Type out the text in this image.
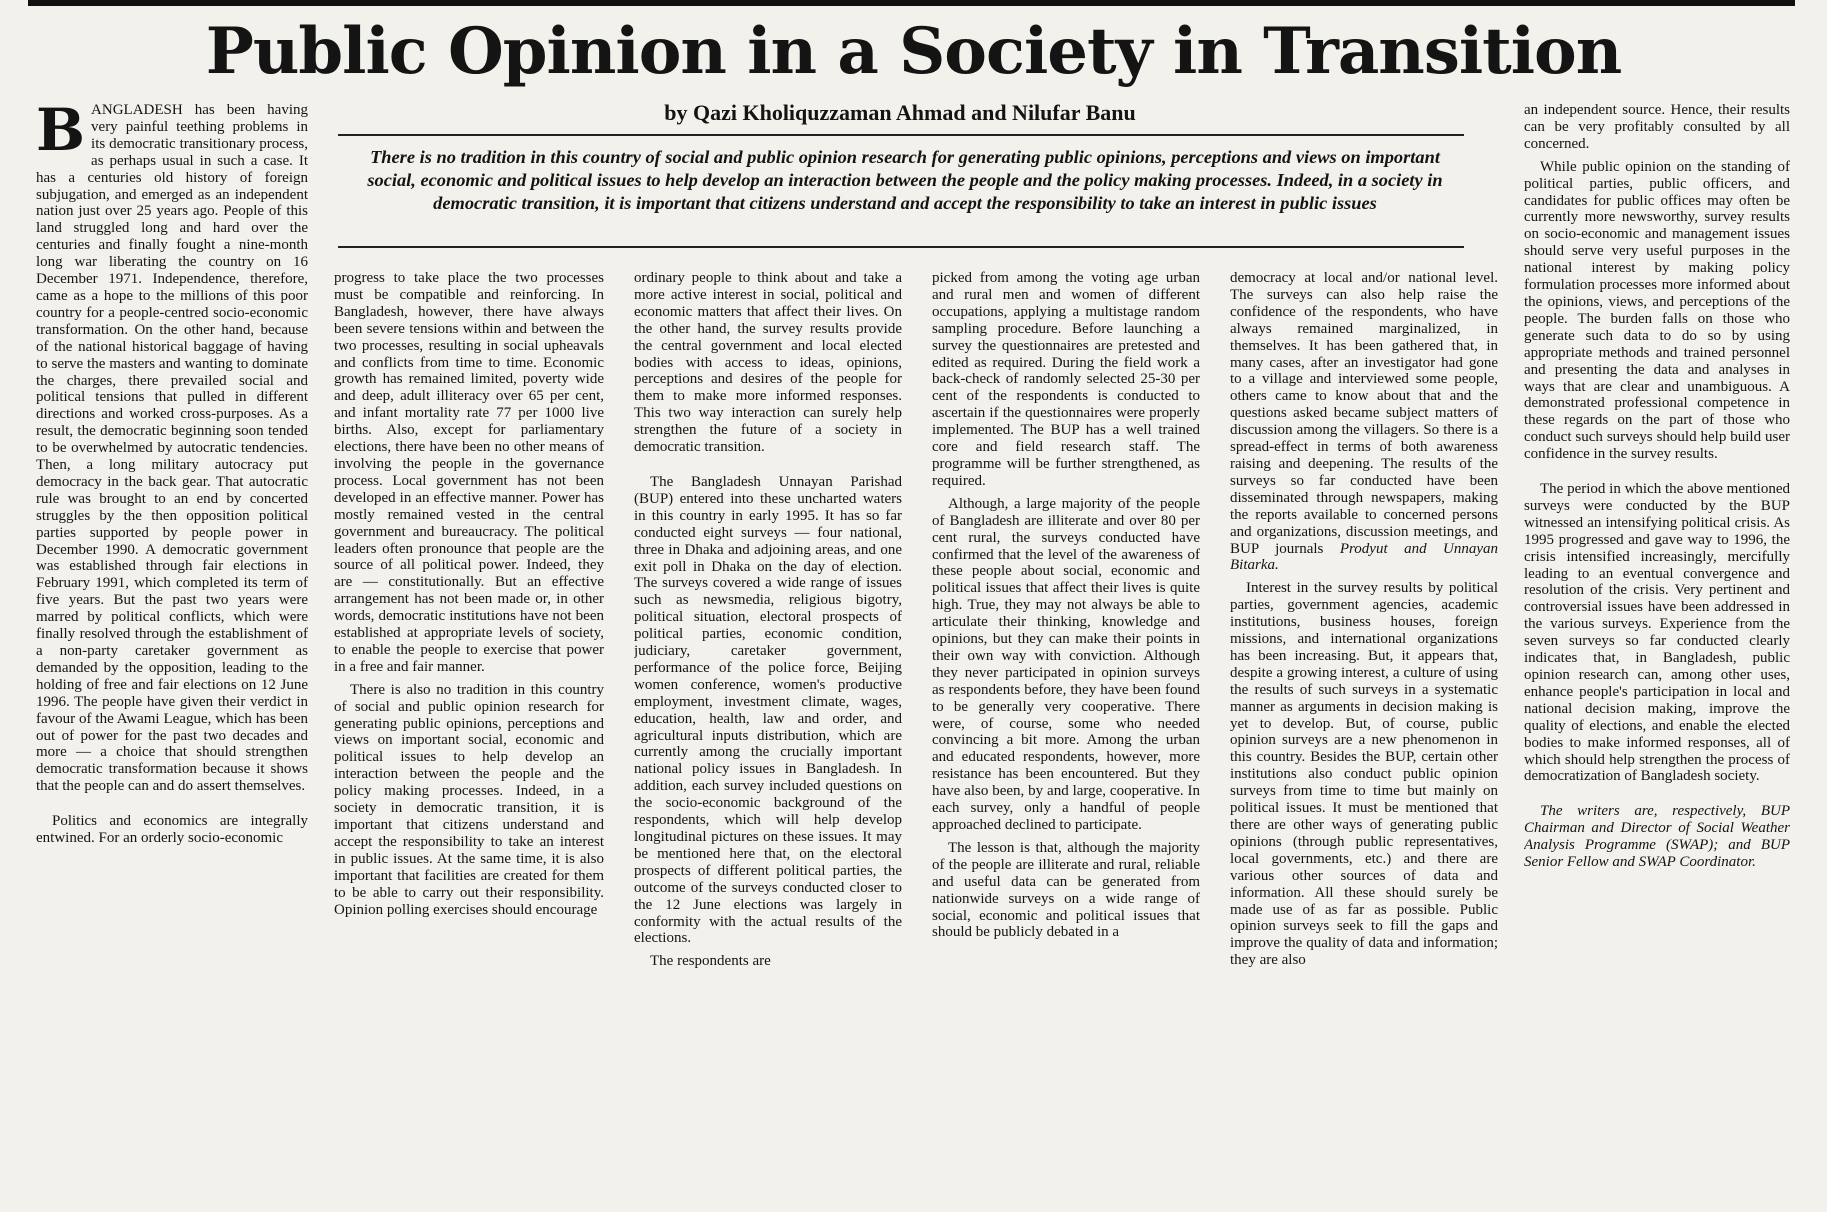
Public Opinion in a Society in Transition
by Qazi Kholiquzzaman Ahmad and Nilufar Banu
There is no tradition in this country of social and public opinion research for generating public opinions, perceptions and views on important social, economic and political issues to help develop an interaction between the people and the policy making processes. Indeed, in a society in democratic transition, it is important that citizens understand and accept the responsibility to take an interest in public issues

BANGLADESH has been having very painful teething problems in its democratic transitionary process, as perhaps usual in such a case. It has a centuries old history of foreign subjugation, and emerged as an independent nation just over 25 years ago. People of this land struggled long and hard over the centuries and finally fought a nine-month long war liberating the country on 16 December 1971. Independence, therefore, came as a hope to the millions of this poor country for a people-centred socio-economic transformation. On the other hand, because of the national historical baggage of having to serve the masters and wanting to dominate the charges, there prevailed social and political tensions that pulled in different directions and worked cross-purposes. As a result, the democratic beginning soon tended to be overwhelmed by autocratic tendencies. Then, a long military autocracy put democracy in the back gear. That autocratic rule was brought to an end by concerted struggles by the then opposition political parties supported by people power in December 1990. A democratic government was established through fair elections in February 1991, which completed its term of five years. But the past two years were marred by political conflicts, which were finally resolved through the establishment of a non-party caretaker government as demanded by the opposition, leading to the holding of free and fair elections on 12 June 1996. The people have given their verdict in favour of the Awami League, which has been out of power for the past two decades and more — a choice that should strengthen democratic transformation because it shows that the people can and do assert themselves.

Politics and economics are integrally entwined. For an orderly socio-economic

progress to take place the two processes must be compatible and reinforcing. In Bangladesh, however, there have always been severe tensions within and between the two processes, resulting in social upheavals and conflicts from time to time. Economic growth has remained limited, poverty wide and deep, adult illiteracy over 65 per cent, and infant mortality rate 77 per 1000 live births. Also, except for parliamentary elections, there have been no other means of involving the people in the governance process. Local government has not been developed in an effective manner. Power has mostly remained vested in the central government and bureaucracy. The political leaders often pronounce that people are the source of all political power. Indeed, they are — constitutionally. But an effective arrangement has not been made or, in other words, democratic institutions have not been established at appropriate levels of society, to enable the people to exercise that power in a free and fair manner.

There is also no tradition in this country of social and public opinion research for generating public opinions, perceptions and views on important social, economic and political issues to help develop an interaction between the people and the policy making processes. Indeed, in a society in democratic transition, it is important that citizens understand and accept the responsibility to take an interest in public issues. At the same time, it is also important that facilities are created for them to be able to carry out their responsibility. Opinion polling exercises should encourage

ordinary people to think about and take a more active interest in social, political and economic matters that affect their lives. On the other hand, the survey results provide the central government and local elected bodies with access to ideas, opinions, perceptions and desires of the people for them to make more informed responses. This two way interaction can surely help strengthen the future of a society in democratic transition.

The Bangladesh Unnayan Parishad (BUP) entered into these uncharted waters in this country in early 1995. It has so far conducted eight surveys — four national, three in Dhaka and adjoining areas, and one exit poll in Dhaka on the day of election. The surveys covered a wide range of issues such as newsmedia, religious bigotry, political situation, electoral prospects of political parties, economic condition, judiciary, caretaker government, performance of the police force, Beijing women conference, women's productive employment, investment climate, wages, education, health, law and order, and agricultural inputs distribution, which are currently among the crucially important national policy issues in Bangladesh. In addition, each survey included questions on the socio-economic background of the respondents, which will help develop longitudinal pictures on these issues. It may be mentioned here that, on the electoral prospects of different political parties, the outcome of the surveys conducted closer to the 12 June elections was largely in conformity with the actual results of the elections.

The respondents are

picked from among the voting age urban and rural men and women of different occupations, applying a multistage random sampling procedure. Before launching a survey the questionnaires are pretested and edited as required. During the field work a back-check of randomly selected 25-30 per cent of the respondents is conducted to ascertain if the questionnaires were properly implemented. The BUP has a well trained core and field research staff. The programme will be further strengthened, as required.

Although, a large majority of the people of Bangladesh are illiterate and over 80 per cent rural, the surveys conducted have confirmed that the level of the awareness of these people about social, economic and political issues that affect their lives is quite high. True, they may not always be able to articulate their thinking, knowledge and opinions, but they can make their points in their own way with conviction. Although they never participated in opinion surveys as respondents before, they have been found to be generally very cooperative. There were, of course, some who needed convincing a bit more. Among the urban and educated respondents, however, more resistance has been encountered. But they have also been, by and large, cooperative. In each survey, only a handful of people approached declined to participate.

The lesson is that, although the majority of the people are illiterate and rural, reliable and useful data can be generated from nationwide surveys on a wide range of social, economic and political issues that should be publicly debated in a

democracy at local and/or national level. The surveys can also help raise the confidence of the respondents, who have always remained marginalized, in themselves. It has been gathered that, in many cases, after an investigator had gone to a village and interviewed some people, others came to know about that and the questions asked became subject matters of discussion among the villagers. So there is a spread-effect in terms of both awareness raising and deepening. The results of the surveys so far conducted have been disseminated through newspapers, making the reports available to concerned persons and organizations, discussion meetings, and BUP journals Prodyut and Unnayan Bitarka.

Interest in the survey results by political parties, government agencies, academic institutions, business houses, foreign missions, and international organizations has been increasing. But, it appears that, despite a growing interest, a culture of using the results of such surveys in a systematic manner as arguments in decision making is yet to develop. But, of course, public opinion surveys are a new phenomenon in this country. Besides the BUP, certain other institutions also conduct public opinion surveys from time to time but mainly on political issues. It must be mentioned that there are other ways of generating public opinions (through public representatives, local governments, etc.) and there are various other sources of data and information. All these should surely be made use of as far as possible. Public opinion surveys seek to fill the gaps and improve the quality of data and information; they are also

an independent source. Hence, their results can be very profitably consulted by all concerned.

While public opinion on the standing of political parties, public officers, and candidates for public offices may often be currently more newsworthy, survey results on socio-economic and management issues should serve very useful purposes in the national interest by making policy formulation processes more informed about the opinions, views, and perceptions of the people. The burden falls on those who generate such data to do so by using appropriate methods and trained personnel and presenting the data and analyses in ways that are clear and unambiguous. A demonstrated professional competence in these regards on the part of those who conduct such surveys should help build user confidence in the survey results.

The period in which the above mentioned surveys were conducted by the BUP witnessed an intensifying political crisis. As 1995 progressed and gave way to 1996, the crisis intensified increasingly, mercifully leading to an eventual convergence and resolution of the crisis. Very pertinent and controversial issues have been addressed in the various surveys. Experience from the seven surveys so far conducted clearly indicates that, in Bangladesh, public opinion research can, among other uses, enhance people's participation in local and national decision making, improve the quality of elections, and enable the elected bodies to make informed responses, all of which should help strengthen the process of democratization of Bangladesh society.

The writers are, respectively, BUP Chairman and Director of Social Weather Analysis Programme (SWAP); and BUP Senior Fellow and SWAP Coordinator.
